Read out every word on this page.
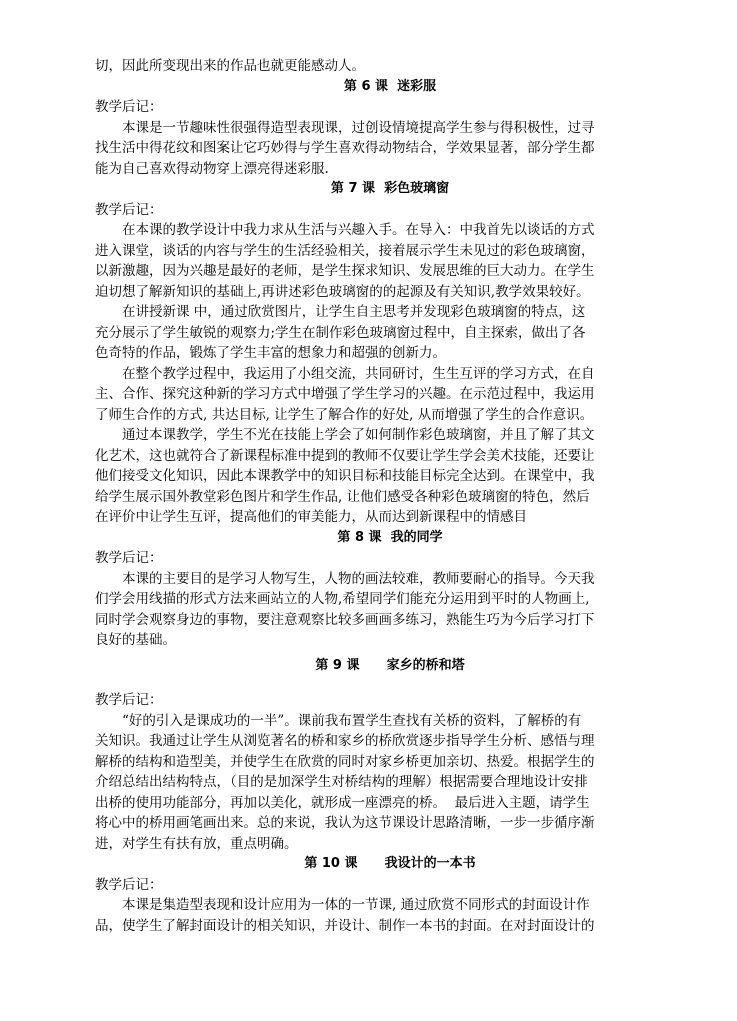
切，因此所变现出来的作品也就更能感动人。
第 6 课  迷彩服
教学后记：
本课是一节趣味性很强得造型表现课，过创设情境提高学生参与得积极性，过寻
找生活中得花纹和图案让它巧妙得与学生喜欢得动物结合，学效果显著，部分学生都
能为自己喜欢得动物穿上漂亮得迷彩服.
第 7 课  彩色玻璃窗
教学后记：
在本课的教学设计中我力求从生活与兴趣入手。在导入：中我首先以谈话的方式
进入课堂，谈话的内容与学生的生活经验相关，接着展示学生未见过的彩色玻璃窗，
以新激趣，因为兴趣是最好的老师，是学生探求知识、发展思维的巨大动力。在学生
迫切想了解新知识的基础上,再讲述彩色玻璃窗的的起源及有关知识,教学效果较好。
在讲授新课 中，通过欣赏图片，让学生自主思考并发现彩色玻璃窗的特点，这
充分展示了学生敏锐的观察力;学生在制作彩色玻璃窗过程中，自主探索，做出了各
色奇特的作品，锻炼了学生丰富的想象力和超强的创新力。
在整个教学过程中，我运用了小组交流，共同研讨，生生互评的学习方式，在自
主、合作、探究这种新的学习方式中增强了学生学习的兴趣。在示范过程中，我运用
了师生合作的方式, 共达目标, 让学生了解合作的好处, 从而增强了学生的合作意识。
通过本课教学，学生不光在技能上学会了如何制作彩色玻璃窗，并且了解了其文
化艺术，这也就符合了新课程标准中提到的教师不仅要让学生学会美术技能，还要让
他们接受文化知识，因此本课教学中的知识目标和技能目标完全达到。在课堂中，我
给学生展示国外教堂彩色图片和学生作品, 让他们感受各种彩色玻璃窗的特色，然后
在评价中让学生互评，提高他们的审美能力，从而达到新课程中的情感目
第 8 课  我的同学
教学后记：
本课的主要目的是学习人物写生，人物的画法较难，教师要耐心的指导。今天我
们学会用线描的形式方法来画站立的人物,希望同学们能充分运用到平时的人物画上,
同时学会观察身边的事物，要注意观察比较多画画多练习，熟能生巧为今后学习打下
良好的基础。
第 9 课      家乡的桥和塔
教学后记：
“好的引入是课成功的一半”。课前我布置学生查找有关桥的资料，了解桥的有
关知识。我通过让学生从浏览著名的桥和家乡的桥欣赏逐步指导学生分析、感悟与理
解桥的结构和造型美，并使学生在欣赏的同时对家乡桥更加亲切、热爱。根据学生的
介绍总结出结构特点，（目的是加深学生对桥结构的理解）根据需要合理地设计安排
出桥的使用功能部分，再加以美化，就形成一座漂亮的桥。  最后进入主题，请学生
将心中的桥用画笔画出来。总的来说，我认为这节课设计思路清晰，一步一步循序渐
进，对学生有扶有放，重点明确。
第 10 课      我设计的一本书
教学后记：
本课是集造型表现和设计应用为一体的一节课, 通过欣赏不同形式的封面设计作
品，使学生了解封面设计的相关知识，并设计、制作一本书的封面。在对封面设计的
